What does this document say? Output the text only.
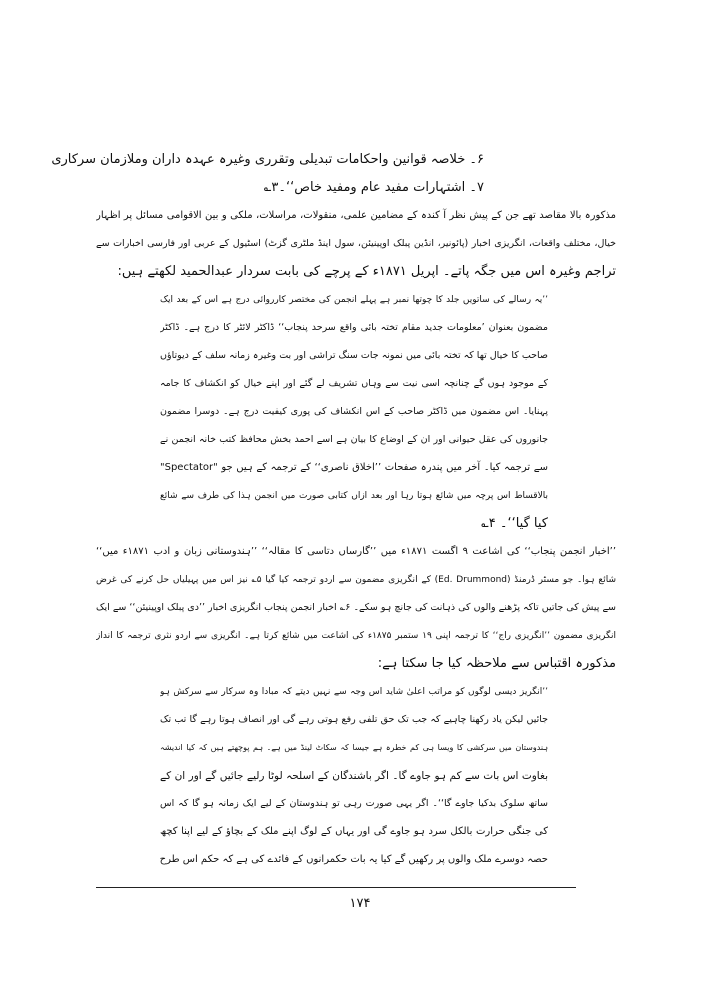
۶۔ خلاصہ قوانین واحکامات تبدیلی وتقرری وغیرہ عہدہ داران وملازمان سرکاری
۷۔ اشتہارات مفید عام ومفید خاص‘‘۔۳؎
مذکورہ بالا مقاصد تھے جن کے پیش نظر آ کندہ کے مضامین علمی، منقولات، مراسلات، ملکی و بین الاقوامی مسائل پر اظہار
خیال، مختلف واقعات، انگریزی اخبار (پائونیر، انڈین پبلک اوپینیئن، سول اینڈ ملٹری گزٹ) اسٹیول کے عربی اور فارسی اخبارات سے
تراجم وغیرہ اس میں جگہ پاتے۔ اپریل ۱۸۷۱ء کے پرچے کی بابت سردار عبدالحمید لکھتے ہیں:
’’یہ رسالے کی ساتویں جلد کا چوتھا نمبر ہے پہلے انجمن کی مختصر کارروائی درج ہے اس کے بعد ایک
مضمون بعنوان ’معلومات جدید مقام تختہ بائی واقع سرحد پنجاب‘‘ ڈاکٹر لائٹر کا درج ہے۔ ڈاکٹر
صاحب کا خیال تھا کہ تختہ بائی میں نمونہ جات سنگ تراشی اور بت وغیرہ زمانہ سلف کے دیوتاؤں
کے موجود ہوں گے چنانچہ اسی نیت سے وہاں تشریف لے گئے اور اپنے خیال کو انکشاف کا جامہ
پہنایا۔ اس مضمون میں ڈاکٹر صاحب کے اس انکشاف کی پوری کیفیت درج ہے۔ دوسرا مضمون
جانوروں کی عقل حیوانی اور ان کے اوضاع کا بیان ہے اسے احمد بخش محافظ کتب خانہ انجمن نے
"Spectator" سے ترجمہ کیا۔ آخر میں پندرہ صفحات ’’اخلاق ناصری‘‘ کے ترجمہ کے ہیں جو
بالاقساط اس پرچہ میں شائع ہوتا رہا اور بعد ازاں کتابی صورت میں انجمن ہذا کی طرف سے شائع
کیا گیا‘‘۔ ۴؎
’’اخبار انجمن پنجاب‘‘ کی اشاعت ۹ اگست ۱۸۷۱ء میں ’’گارساں دتاسی کا مقالہ‘‘ ’’ہندوستانی زبان و ادب ۱۸۷۱ء میں‘‘
شائع ہوا۔ جو مسٹر ڈرمنڈ (Ed. Drummond) کے انگریزی مضمون سے اردو ترجمہ کیا گیا ۵؎ نیز اس میں پہیلیاں حل کرنے کی غرض
سے پیش کی جاتیں تاکہ پڑھنے والوں کی ذہانت کی جانچ ہو سکے۔ ۶؎ اخبار انجمن پنجاب انگریزی اخبار ’’دی پبلک اوپینیئن‘‘ سے ایک
انگریزی مضمون ’’انگریزی راج‘‘ کا ترجمہ اپنی ۱۹ ستمبر ۱۸۷۵ء کی اشاعت میں شائع کرتا ہے۔ انگریزی سے اردو نثری ترجمہ کا انداز
مذکورہ اقتباس سے ملاحظہ کیا جا سکتا ہے:
’’انگریز دیسی لوگوں کو مراتب اعلیٰ شاید اس وجہ سے نہیں دیتے کہ مبادا وہ سرکار سے سرکش ہو
جائیں لیکن یاد رکھنا چاہیے کہ جب تک حق تلفی رفع ہوتی رہے گی اور انصاف ہوتا رہے گا تب تک
ہندوستان میں سرکشی کا ویسا ہی کم خطرہ ہے جیسا کہ سکاٹ لینڈ میں ہے۔ ہم پوچھتے ہیں کہ کیا اندیشہ
بغاوت اس بات سے کم ہو جاوے گا۔ اگر باشندگان کے اسلحہ لوٹا رلیے جائیں گے اور ان کے
ساتھ سلوک بدکیا جاوے گا‘‘۔ اگر یہی صورت رہی تو ہندوستان کے لیے ایک زمانہ ہو گا کہ اس
کی جنگی حرارت بالکل سرد ہو جاوے گی اور یہاں کے لوگ اپنے ملک کے بچاؤ کے لیے اپنا کچھ
حصہ دوسرے ملک والوں پر رکھیں گے کیا یہ بات حکمرانوں کے فائدے کی ہے کہ حکم اس طرح
۱۷۴
